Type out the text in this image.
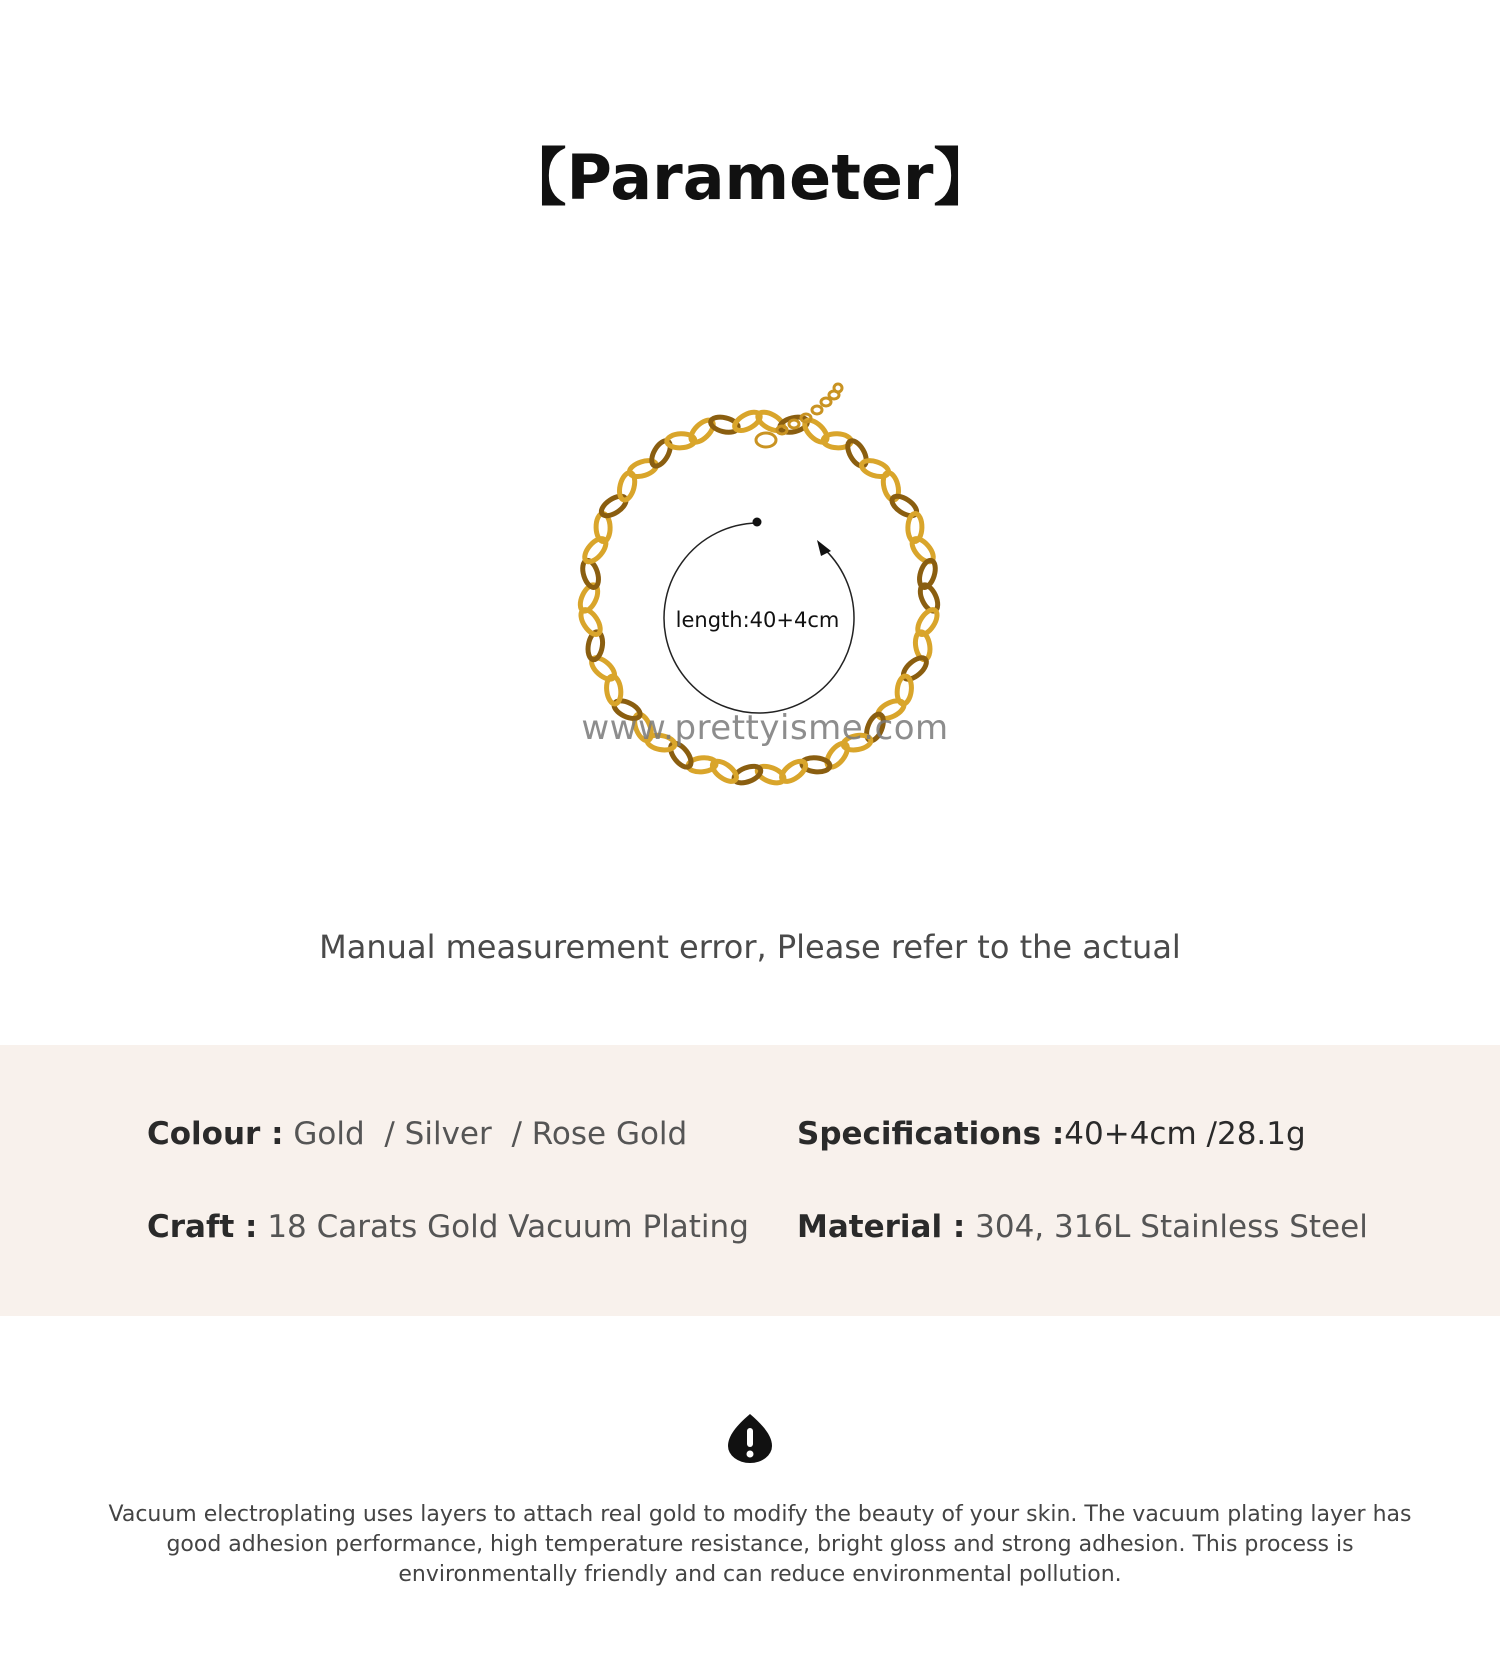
【Parameter】
length:40+4cm
www.prettyisme.com
Manual measurement error, Please refer to the actual
Colour : Gold  / Silver  / Rose Gold	Specifications :40+4cm /28.1g
Craft : 18 Carats Gold Vacuum Plating Material : 304, 316L Stainless Steel
Vacuum electroplating uses layers to attach real gold to modify the beauty of your skin. The vacuum plating layer has good adhesion performance, high temperature resistance, bright gloss and strong adhesion. This process is environmentally friendly and can reduce environmental pollution.
